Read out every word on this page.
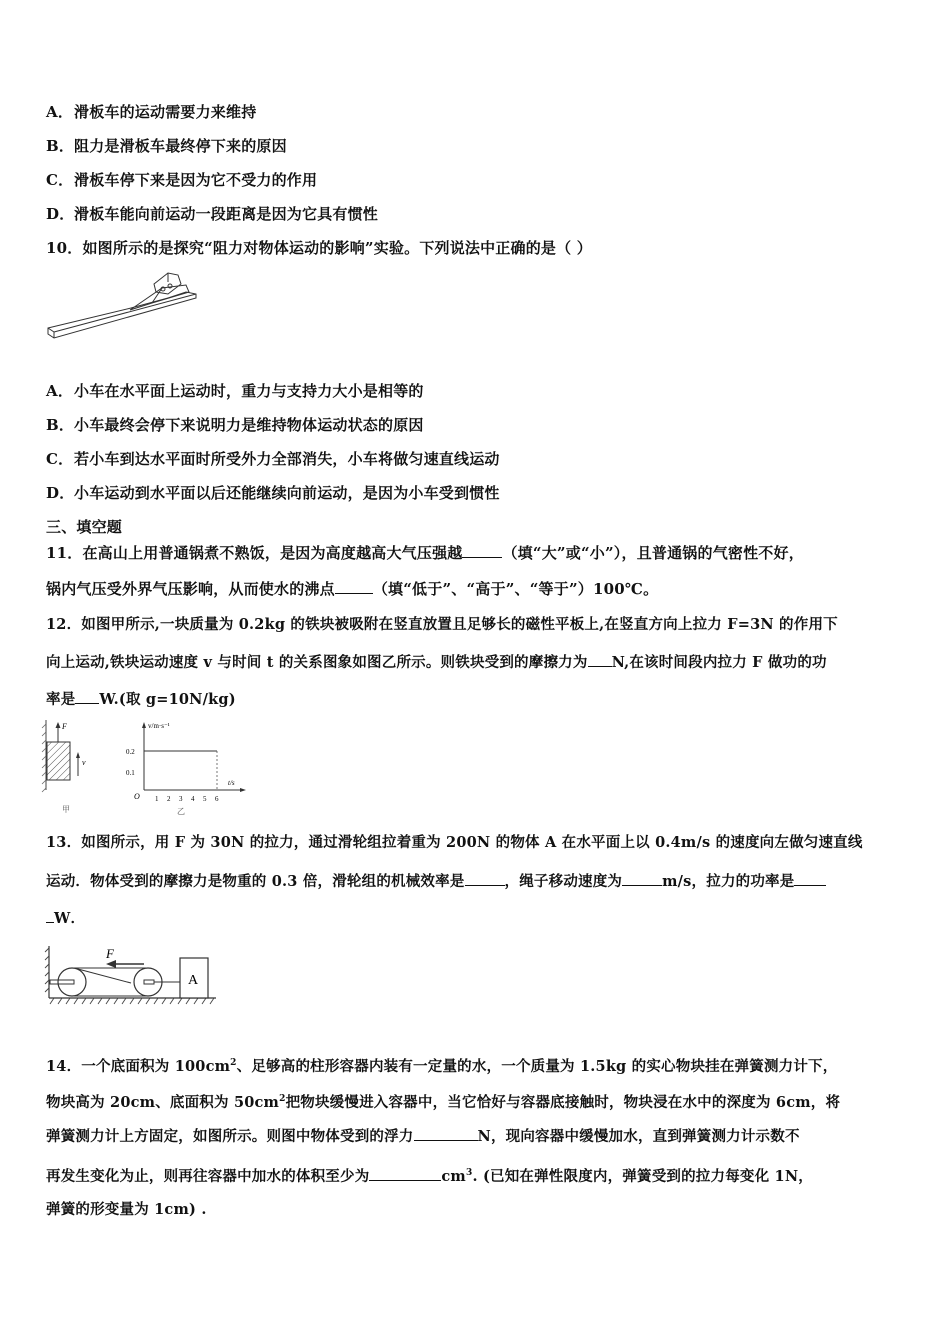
A．滑板车的运动需要力来维持
B．阻力是滑板车最终停下来的原因
C．滑板车停下来是因为它不受力的作用
D．滑板车能向前运动一段距离是因为它具有惯性
10．如图所示的是探究“阻力对物体运动的影响”实验。下列说法中正确的是（ ）
A．小车在水平面上运动时，重力与支持力大小是相等的
B．小车最终会停下来说明力是维持物体运动状态的原因
C．若小车到达水平面时所受外力全部消失，小车将做匀速直线运动
D．小车运动到水平面以后还能继续向前运动，是因为小车受到惯性
三、填空题
11．在高山上用普通锅煮不熟饭，是因为高度越高大气压强越	（填“大”或“小”），且普通锅的气密性不好，
锅内气压受外界气压影响，从而使水的沸点	（填“低于”、“高于”、“等于”）100℃。
12．如图甲所示,一块质量为 0.2kg 的铁块被吸附在竖直放置且足够长的磁性平板上,在竖直方向上拉力 F=3N 的作用下
向上运动,铁块运动速度 v 与时间 t 的关系图象如图乙所示。则铁块受到的摩擦力为 N,在该时间段内拉力 F 做功的功
率是 W.(取 g=10N/kg)
F
v
甲
v/m·s⁻¹
t/s
O
0.2
0.1
1 2 3 4 5 6
乙
13．如图所示，用 F 为 30N 的拉力，通过滑轮组拉着重为 200N 的物体 A 在水平面上以 0.4m/s 的速度向左做匀速直线
运动．物体受到的摩擦力是物重的 0.3 倍，滑轮组的机械效率是	，绳子移动速度为	m/s，拉力的功率是
W．
F
A
14．一个底面积为 $100cm^2$、足够高的柱形容器内装有一定量的水，一个质量为 1.5kg 的实心物块挂在弹簧测力计下，
物块高为 20cm、底面积为 $50cm^2$把物块缓慢进入容器中，当它恰好与容器底接触时，物块浸在水中的深度为 6cm，将
弹簧测力计上方固定，如图所示。则图中物体受到的浮力	N，现向容器中缓慢加水，直到弹簧测力计示数不
再发生变化为止，则再往容器中加水的体积至少为	$cm^3$. (已知在弹性限度内，弹簧受到的拉力每变化 1N，
弹簧的形变量为 1cm) .
